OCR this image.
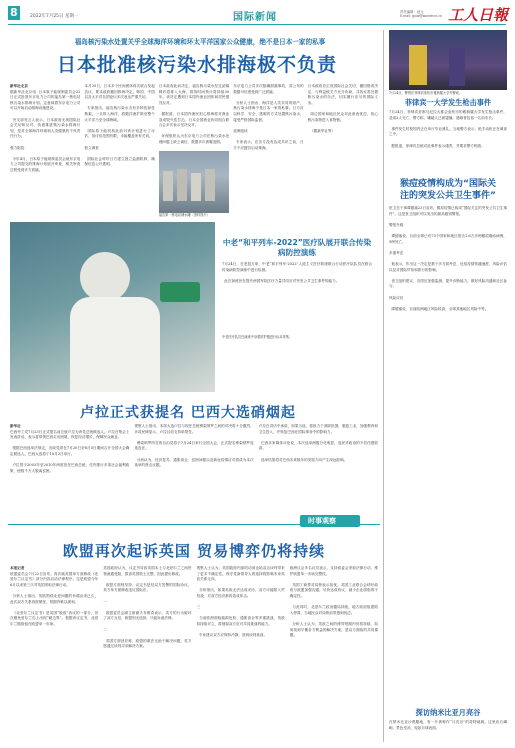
8	2022年7月25日 星期一	国际新闻	责任编辑：赵元
E-mail: gjxw@workercn.cn 工人日報
福岛核污染水处置关乎全球海洋环境和环太平洋国家公众健康，绝不是日本一家的私事
日本批准核污染水排海极不负责
新华社北京
据新华社北京电  日本原子能规制委员会22日正式批准东京电力公司的福岛第一核电站核污染水排海计划。这意味着东京电力公司可以开始启动排海设施建设。

外交部发言人表示，日本政府无视国际社会关切和反对，执意推进核污染水排海计划，是对全球海洋环境和人类健康的不负责任行为。

强力阻挠

今年4月，日本原子能规制委员会就东京电力公司提交的排海计划展开审查，相关审查过程受到多方质疑。
本月20日，日本多个民间团体再次联合发起抗议，要求政府撤回排海决定。韩国、中国以及太平洋岛国论坛多次表达严重关切。

专家指出，福岛核污染水含有多种放射性核素，一旦排入海洋，将随洋流扩散至整个太平洋乃至全球海域。

国际原子能机构此前对该计划进行了评估，但评估范围有限，未能覆盖所有关切。

独立调查

国际社会呼吁日方建立独立监测机制，确保信息公开透明。
日本政府此前决定，福岛核污染水经过滤稀释后将排入大海，排放时间预计将持续30年。该决定遭到日本国内渔业团体和居民强烈反对。

据报道，日本国内渔民担心排海将对渔业造成毁灭性打击，日本全国渔业协同组合联合会多次表示坚决反对。

环保组织认为东京电力公司在核污染水处理问题上缺乏诚信，数据多次被曝造假。
福岛第一核电站储水罐（资料图片）
东京电力公司多次隐瞒泄漏事故，其公布的数据可信度受到广泛质疑。

分析人士指出，海洋是人类共同的财产，核污染水排海不是日本一家的私事。日方应以科学、安全、透明的方式处置核污染水，接受严格国际监督。

延伸阅读

专家表示，在各方没有达成共识之前，日方不应擅自启动排海。
日本政府应正视国际社会关切，撤回错误决定，与利益攸关方充分协商，寻找妥善处置核污染水的办法，切实履行应尽的国际义务。

周边国家和地区民众对此深表忧虑，担心核污染物进入食物链。

（据新华社等）
中老“和平列车-2022”医疗队展开联合传染病防控演练
7月24日，在老挝万象，中老“和平列车-2022”人道主义医疗救援联合行动医疗队队员在联合传染病防控演练中进行检测。

此次演练旨在提升两国军队医疗力量共同应对突发公共卫生事件的能力。
中老医疗队员在演练中身着防护服进行标本采集。
卢拉正式获提名 巴西大选硝烟起
新华社
巴西劳工党7月23日正式提名前总统卢拉为该党总统候选人。卢拉在集会上发表讲话，表示将带领巴西走出困境，恢复经济增长，保障民众就业。

根据巴西选举法规定，各政党须在7月20日至8月5日期间召开全国大会确定候选人。巴西大选将于10月2日举行。

卢拉曾于2003年至2010年两度担任巴西总统，任内推行多项社会福利政策，使数千万人脱离贫困。
观察人士指出，本届大选卢拉与现任总统博索纳罗之间的对决将十分激烈。多项民调显示，卢拉目前支持率领先。

博索纳罗所在的自由党将于7月24日举行全国大会，正式提名博索纳罗竞选连任。

分析认为，经济复苏、通胀高企、贫困问题以及新冠疫情应对将成为本次选举的焦点议题。
卢拉在讲话中承诺，如果当选，将致力于消除饥饿，重振工业，加强教育和卫生投入，并恢复巴西在国际事务中的影响力。

巴西多家媒体评论说，本次选举两极分化明显，选民对政治的不信任感较高。

选举结果将对巴西未来数年的发展方向产生深远影响。
时事观察
欧盟再次起诉英国 贸易博弈仍将持续
本报记者
欧盟委员会7月22日宣布，再次就英国单方面修改《北爱尔兰议定书》部分内容启动法律程序。这是欧盟今年6月以来第三次对英国采取法律行动。

分析人士指出，英欧围绕北爱问题的争端由来已久，此次双方关系再度紧张，短期内难以缓和。

《北爱尔兰议定书》是英国“脱欧”协议的一部分，旨在避免爱尔兰岛上出现“硬边界”。根据该议定书，北爱尔兰继续留在欧盟单一市场。
英国政府认为，议定书导致英国本土与北爱尔兰之间货物流通受阻，损害英国领土完整，因此提出修改。

欧盟方面则坚持，议定书是经双方签署的国际协议，英方单方面修改违反国际法。

一

欧盟委员会副主席谢夫乔维奇表示，英方的行为破坏了双方互信，欧盟别无选择，只能诉诸法律。

二

英国方面回应称，欧盟的做法无助于解决问题，英方愿通过谈判寻求解决方案。
观察人士认为，英国政府内部的动荡也给双边谈判带来了更多不确定性。保守党新领导人的选择将影响未来英欧关系走向。

分析指出，如果英欧无法达成妥协，双方可能陷入贸易战，对双方经济都将造成冲击。

三

当前欧洲面临能源危机、通胀高企等多重挑战，英欧如持续对立，将削弱双方应对共同挑战的能力。

专家建议双方应保持冷静，回到谈判桌前。
欧洲议会多名议员表示，支持欧委会采取法律行动，维护欧盟单一市场完整性。

英国工商界对局势表示担忧。英国工业联合会呼吁政府与欧盟加强沟通，尽快达成协议，减少企业面临的不确定性。

与此同时，北爱尔兰政治僵局持续，地方政府组建陷入停滞，当地民众对局势前景感到忧虑。

分析人士认为，英欧之间的博弈短期内仍将持续，如何找到平衡各方利益的解决方案，是双方面临的共同课题。
7月24日，警察在菲律宾奎松市雅典耀大学外警戒。
菲律宾一大学发生枪击事件
7月24日，菲律宾首都马尼拉大都会奎松市的雅典耀大学发生枪击事件，造成3人死亡。警方称，嫌疑人已被逮捕。遇难者包括一名前市长。

事件发生时校园内正在举行毕业典礼。当地警方表示，枪手动机正在调查之中。

据报道，菲律宾总统对此事件表示谴责，并要求警方彻查。
猴痘疫情构成为“国际关注的突发公共卫生事件”
世卫总干事谭德塞23日宣布，猴痘疫情已构成“国际关注的突发公共卫生事件”。这是世卫组织可以发出的最高级别警报。

警报升级

谭德塞说，目前全球已有75个国家和地区报告1.6万多例猴痘确诊病例，5例死亡。

多重考虑

他表示，作出这一决定是基于多方面考虑，包括疫情传播速度、风险评估以及对国际贸易和旅行的影响。

世卫组织建议，各国应加强监测，提升诊断能力，做好风险沟通和社区参与。

风险评估

谭德塞说，目前欧洲地区风险较高，全球其他地区风险中等。
探访纳米比亚月亮谷
在纳米比亚沙漠腹地，有一片被称作“月亮谷”的奇特地貌。这里岩石嶙峋，景色荒凉，宛如月球表面。
